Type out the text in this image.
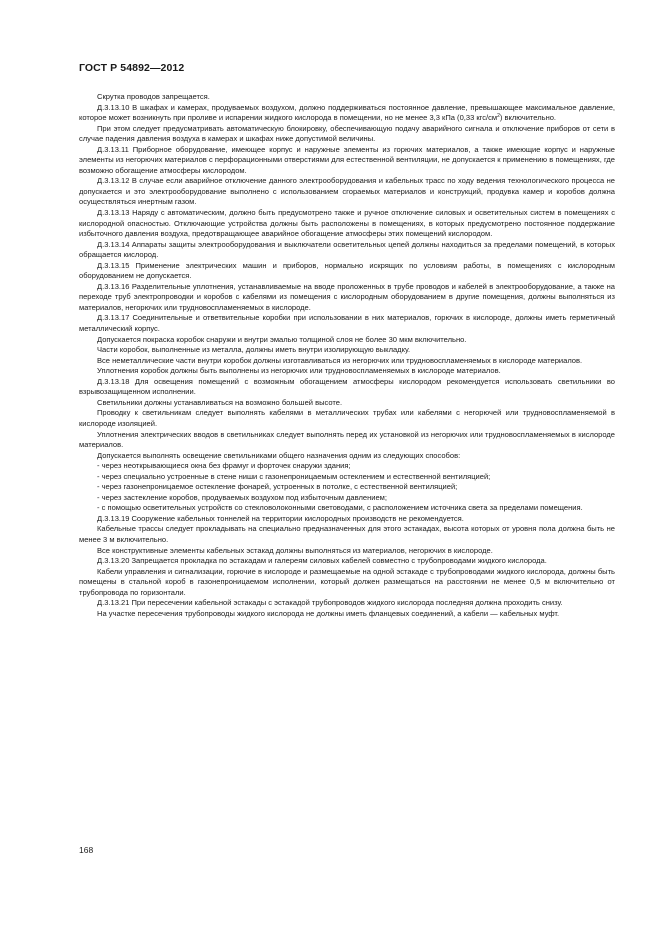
ГОСТ Р 54892—2012

Скрутка проводов запрещается.

Д.3.13.10 В шкафах и камерах, продуваемых воздухом, должно поддерживаться постоянное давление, превышающее максимальное давление, которое может возникнуть при проливе и испарении жидкого кислорода в помещении, но не менее 3,3 кПа (0,33 кгс/$см^2$) включительно.

При этом следует предусматривать автоматическую блокировку, обеспечивающую подачу аварийного сигнала и отключение приборов от сети в случае падения давления воздуха в камерах и шкафах ниже допустимой величины.

Д.3.13.11 Приборное оборудование, имеющее корпус и наружные элементы из горючих материалов, а также имеющие корпус и наружные элементы из негорючих материалов с перфорационными отверстиями для естественной вентиляции, не допускается к применению в помещениях, где возможно обогащение атмосферы кислородом.

Д.3.13.12 В случае если аварийное отключение данного электрооборудования и кабельных трасс по ходу ведения технологического процесса не допускается и это электрооборудование выполнено с использованием сгораемых материалов и конструкций, продувка камер и коробов должна осуществляться инертным газом.

Д.3.13.13 Наряду с автоматическим, должно быть предусмотрено также и ручное отключение силовых и осветительных систем в помещениях с кислородной опасностью. Отключающие устройства должны быть расположены в помещениях, в которых предусмотрено постоянное поддержание избыточного давления воздуха, предотвращающее аварийное обогащение атмосферы этих помещений кислородом.

Д.3.13.14 Аппараты защиты электрооборудования и выключатели осветительных цепей должны находиться за пределами помещений, в которых обращается кислород.

Д.3.13.15 Применение электрических машин и приборов, нормально искрящих по условиям работы, в помещениях с кислородным оборудованием не допускается.

Д.3.13.16 Разделительные уплотнения, устанавливаемые на вводе проложенных в трубе проводов и кабелей в электрооборудование, а также на переходе труб электропроводки и коробов с кабелями из помещения с кислородным оборудованием в другие помещения, должны выполняться из материалов, негорючих или трудновоспламеняемых в кислороде.

Д.3.13.17 Соединительные и ответвительные коробки при использовании в них материалов, горючих в кислороде, должны иметь герметичный металлический корпус.

Допускается покраска коробок снаружи и внутри эмалью толщиной слоя не более 30 мкм включительно.

Части коробок, выполненные из металла, должны иметь внутри изолирующую выкладку.

Все неметаллические части внутри коробок должны изготавливаться из негорючих или трудновоспламеняемых в кислороде материалов.

Уплотнения коробок должны быть выполнены из негорючих или трудновоспламеняемых в кислороде материалов.

Д.3.13.18 Для освещения помещений с возможным обогащением атмосферы кислородом рекомендуется использовать светильники во взрывозащищенном исполнении.

Светильники должны устанавливаться на возможно большей высоте.

Проводку к светильникам следует выполнять кабелями в металлических трубах или кабелями с негорючей или трудновоспламеняемой в кислороде изоляцией.

Уплотнения электрических вводов в светильниках следует выполнять перед их установкой из негорючих или трудновоспламеняемых в кислороде материалов.

Допускается выполнять освещение светильниками общего назначения одним из следующих способов:

- через неоткрывающиеся окна без фрамуг и форточек снаружи здания;

- через специально устроенные в стене ниши с газонепроницаемым остеклением и естественной вентиляцией;

- через газонепроницаемое остекление фонарей, устроенных в потолке, с естественной вентиляцией;

- через застекление коробов, продуваемых воздухом под избыточным давлением;

- с помощью осветительных устройств со стекловолоконными световодами, с расположением источника света за пределами помещения.

Д.3.13.19 Сооружение кабельных тоннелей на территории кислородных производств не рекомендуется.

Кабельные трассы следует прокладывать на специально предназначенных для этого эстакадах, высота которых от уровня пола должна быть не менее 3 м включительно.

Все конструктивные элементы кабельных эстакад должны выполняться из материалов, негорючих в кислороде.

Д.3.13.20 Запрещается прокладка по эстакадам и галереям силовых кабелей совместно с трубопроводами жидкого кислорода.

Кабели управления и сигнализации, горючие в кислороде и размещаемые на одной эстакаде с трубопроводами жидкого кислорода, должны быть помещены в стальной короб в газонепроницаемом исполнении, который должен размещаться на расстоянии не менее 0,5 м включительно от трубопровода по горизонтали.

Д.3.13.21 При пересечении кабельной эстакады с эстакадой трубопроводов жидкого кислорода последняя должна проходить снизу.

На участке пересечения трубопроводы жидкого кислорода не должны иметь фланцевых соединений, а кабели — кабельных муфт.

168
